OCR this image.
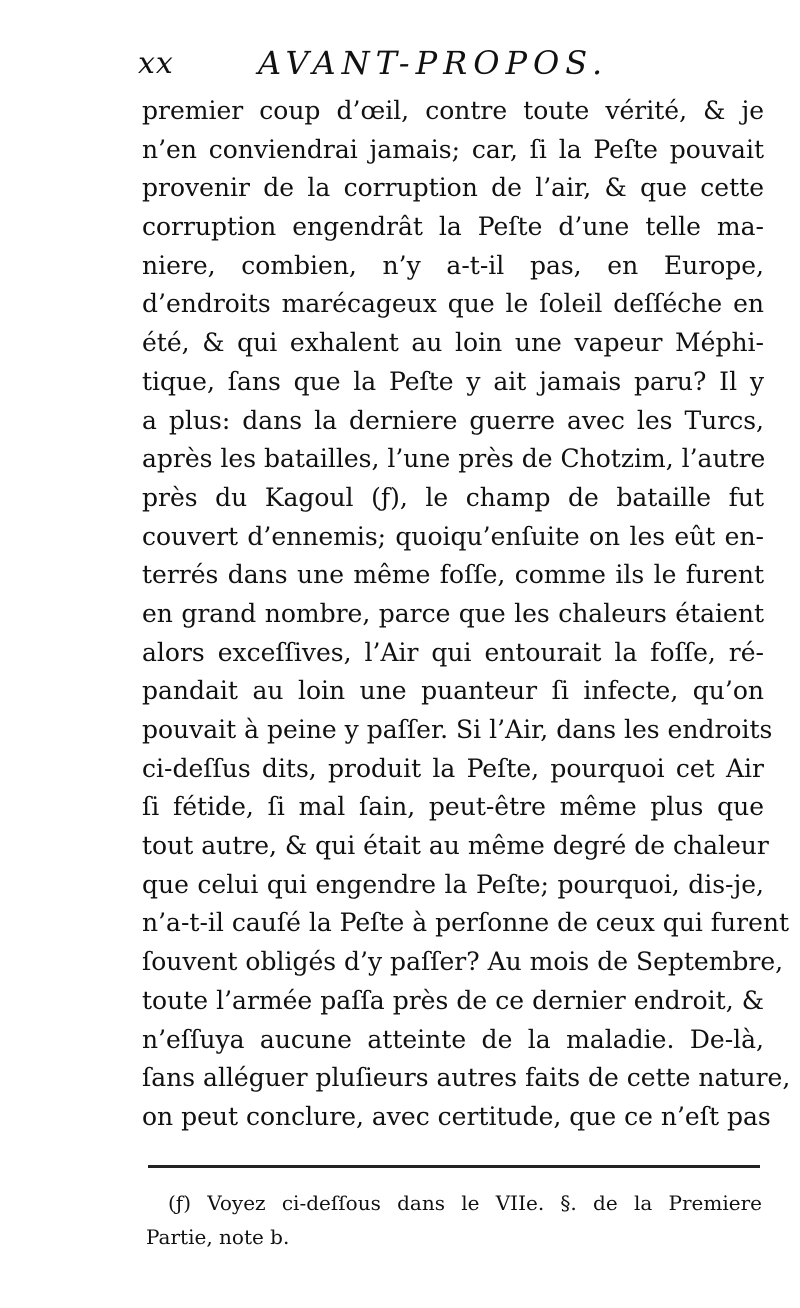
xx	AVANT-PROPOS.
premier coup d’œil, contre toute vérité, & je
n’en conviendrai jamais; car, ſi la Peſte pouvait
provenir de la corruption de l’air, & que cette
corruption engendrât la Peſte d’une telle ma-
niere, combien, n’y a-t-il pas, en Europe,
d’endroits marécageux que le ſoleil deſſéche en
été, & qui exhalent au loin une vapeur Méphi-
tique, ſans que la Peſte y ait jamais paru? Il y
a plus: dans la derniere guerre avec les Turcs,
après les batailles, l’une près de Chotzim, l’autre
près du Kagoul (ƒ), le champ de bataille fut
couvert d’ennemis; quoiqu’enſuite on les eût en-
terrés dans une même foſſe, comme ils le furent
en grand nombre, parce que les chaleurs étaient
alors exceſſives, l’Air qui entourait la foſſe, ré-
pandait au loin une puanteur ſi infecte, qu’on
pouvait à peine y paſſer. Si l’Air, dans les endroits
ci-deſſus dits, produit la Peſte, pourquoi cet Air
ſi fétide, ſi mal ſain, peut-être même plus que
tout autre, & qui était au même degré de chaleur
que celui qui engendre la Peſte; pourquoi, dis-je,
n’a-t-il cauſé la Peſte à perſonne de ceux qui furent
ſouvent obligés d’y paſſer? Au mois de Septembre,
toute l’armée paſſa près de ce dernier endroit, &
n’eſſuya aucune atteinte de la maladie. De-là,
ſans alléguer pluſieurs autres faits de cette nature,
on peut conclure, avec certitude, que ce n’eſt pas
(ƒ) Voyez ci-deſſous dans le VIIe. §. de la Premiere
Partie, note b.
